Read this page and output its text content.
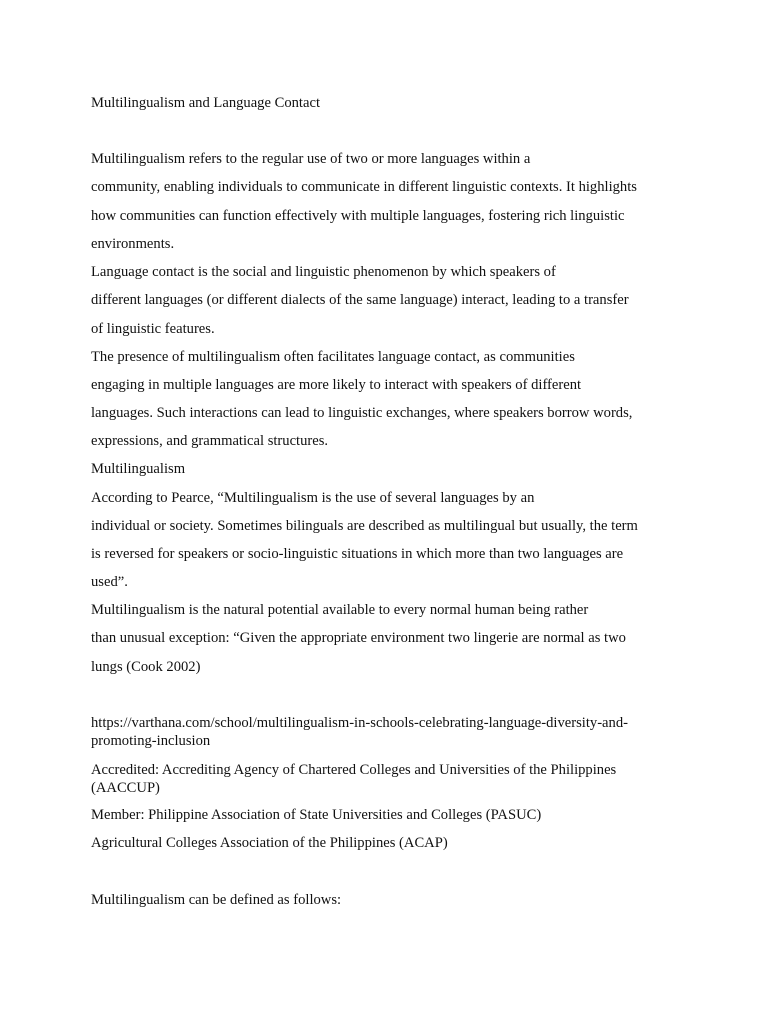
Multilingualism and Language Contact
Multilingualism refers to the regular use of two or more languages within a
community, enabling individuals to communicate in different linguistic contexts. It highlights
how communities can function effectively with multiple languages, fostering rich linguistic
environments.
Language contact is the social and linguistic phenomenon by which speakers of
different languages (or different dialects of the same language) interact, leading to a transfer
of linguistic features.
The presence of multilingualism often facilitates language contact, as communities
engaging in multiple languages are more likely to interact with speakers of different
languages. Such interactions can lead to linguistic exchanges, where speakers borrow words,
expressions, and grammatical structures.
Multilingualism
According to Pearce, “Multilingualism is the use of several languages by an
individual or society. Sometimes bilinguals are described as multilingual but usually, the term
is reversed for speakers or socio-linguistic situations in which more than two languages are
used”.
Multilingualism is the natural potential available to every normal human being rather
than unusual exception: “Given the appropriate environment two lingerie are normal as two
lungs (Cook 2002)
https://varthana.com/school/multilingualism-in-schools-celebrating-language-diversity-and-
promoting-inclusion
Accredited: Accrediting Agency of Chartered Colleges and Universities of the Philippines
(AACCUP)
Member: Philippine Association of State Universities and Colleges (PASUC)
Agricultural Colleges Association of the Philippines (ACAP)
Multilingualism can be defined as follows:
